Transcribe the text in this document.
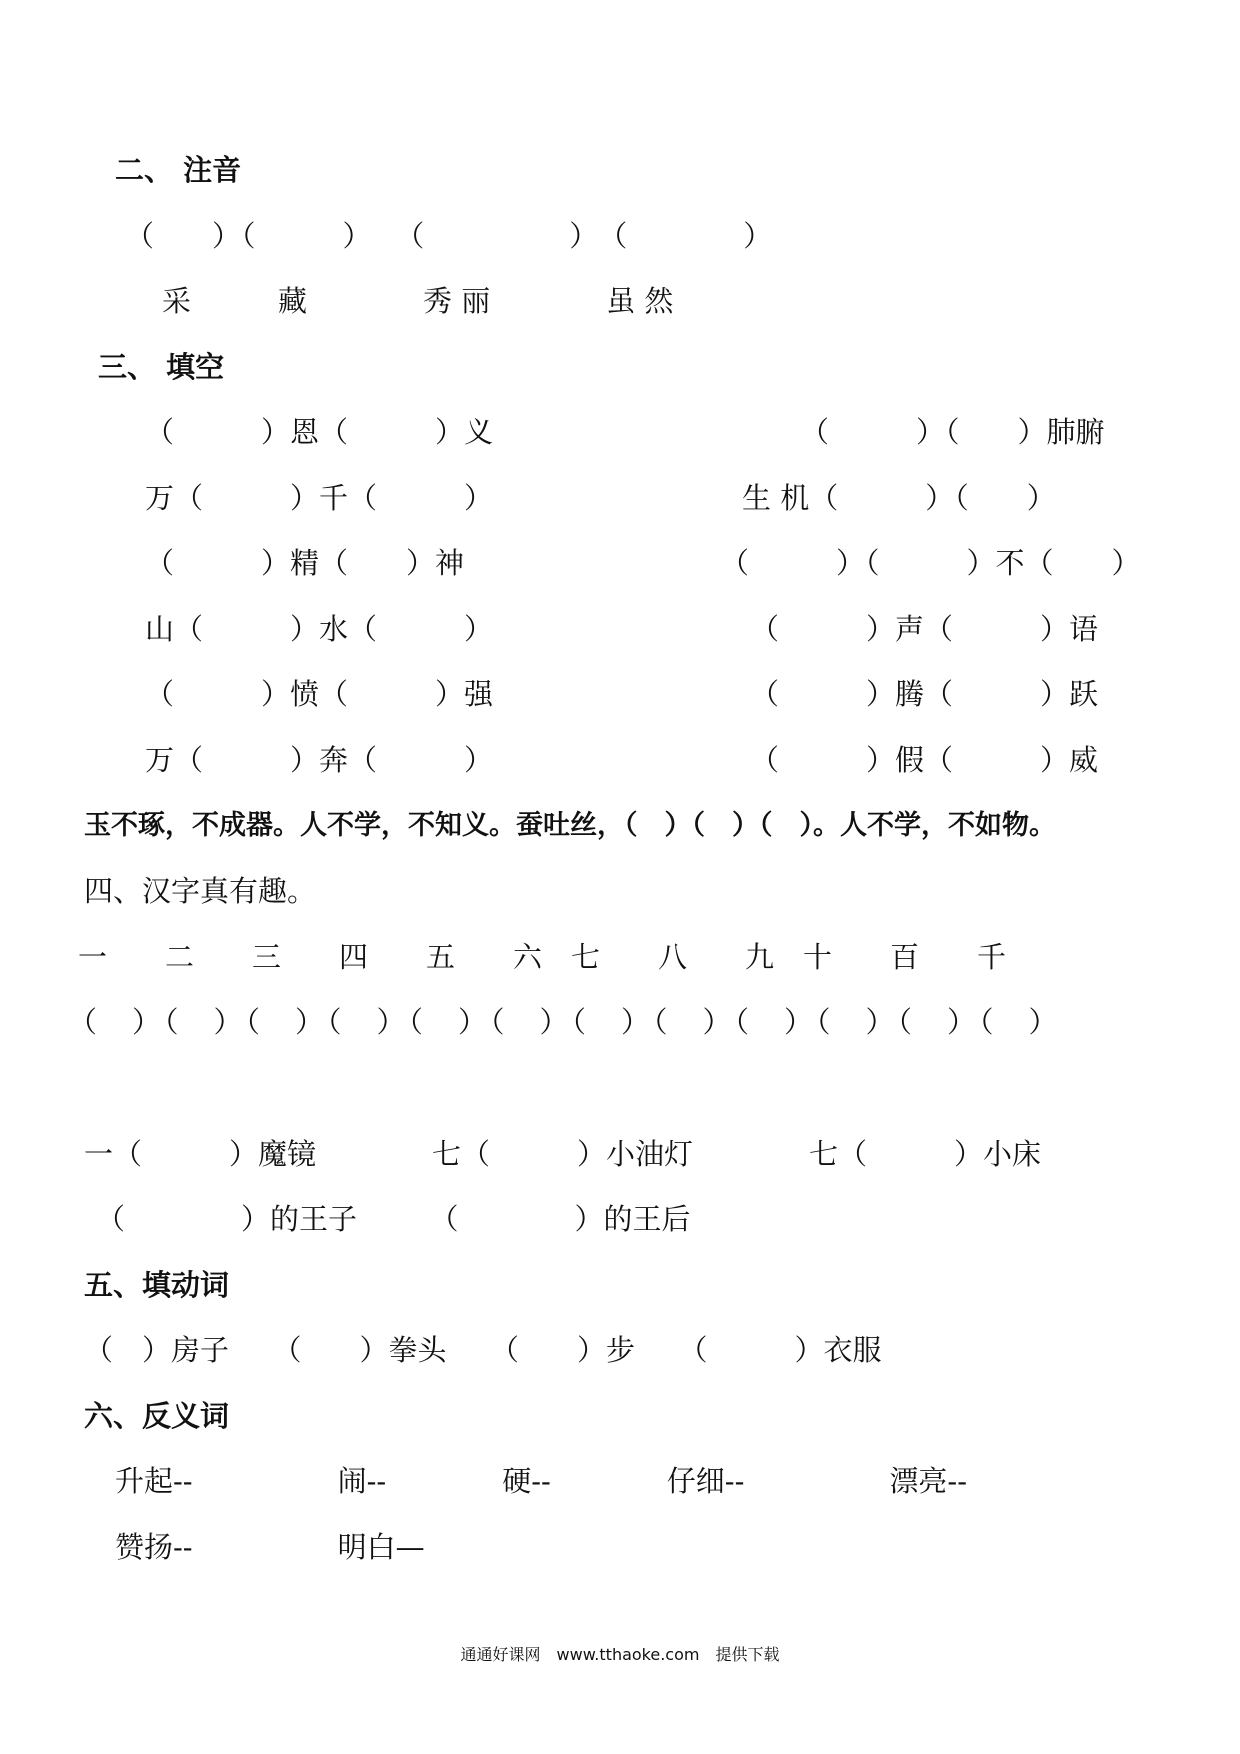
二、 注音
（　　）（　　　）　 （　　　　　）　（　　　　）
采　　　藏　　　　秀 丽　　　　虽 然
三、 填空
（　　　）恩（　　　）义
万（　　　）千（　　　）
（　　　）精（　　）神
山（　　　）水（　　　）
（　　　）愤（　　　）强
万（　　　）奔（　　　）
（　　　）（　　）肺腑
生 机（　　　）（　　）
（　　　）（　　　）不（　　）
（　　　）声（　　　）语
（　　　）腾（　　　）跃
（　　　）假（　　　）威
玉不琢，不成器。人不学，不知义。蚕吐丝，（　）（　）（　）。人不学，不如物。
四、汉字真有趣。
一　　二　　三　　四　　五　　六　七　　八　　九　十　　百　　千
（　）（　）（　）（　）（　）（　）（　）（　）（　）（　）（　）（　）
一（　　　）魔镜　　　　七（　　　）小油灯　　　　七（　　　）小床
（　　　　）的王子　　　（　　　　）的王后
五、填动词
（　）房子　　（　　）拳头　　（　　）步　　（　　　）衣服
六、反义词
升起--　　　　　闹--　　　　硬--　　　　仔细--　　　　　漂亮--
赞扬--　　　　　明白—
通通好课网　www.tthaoke.com　提供下载
